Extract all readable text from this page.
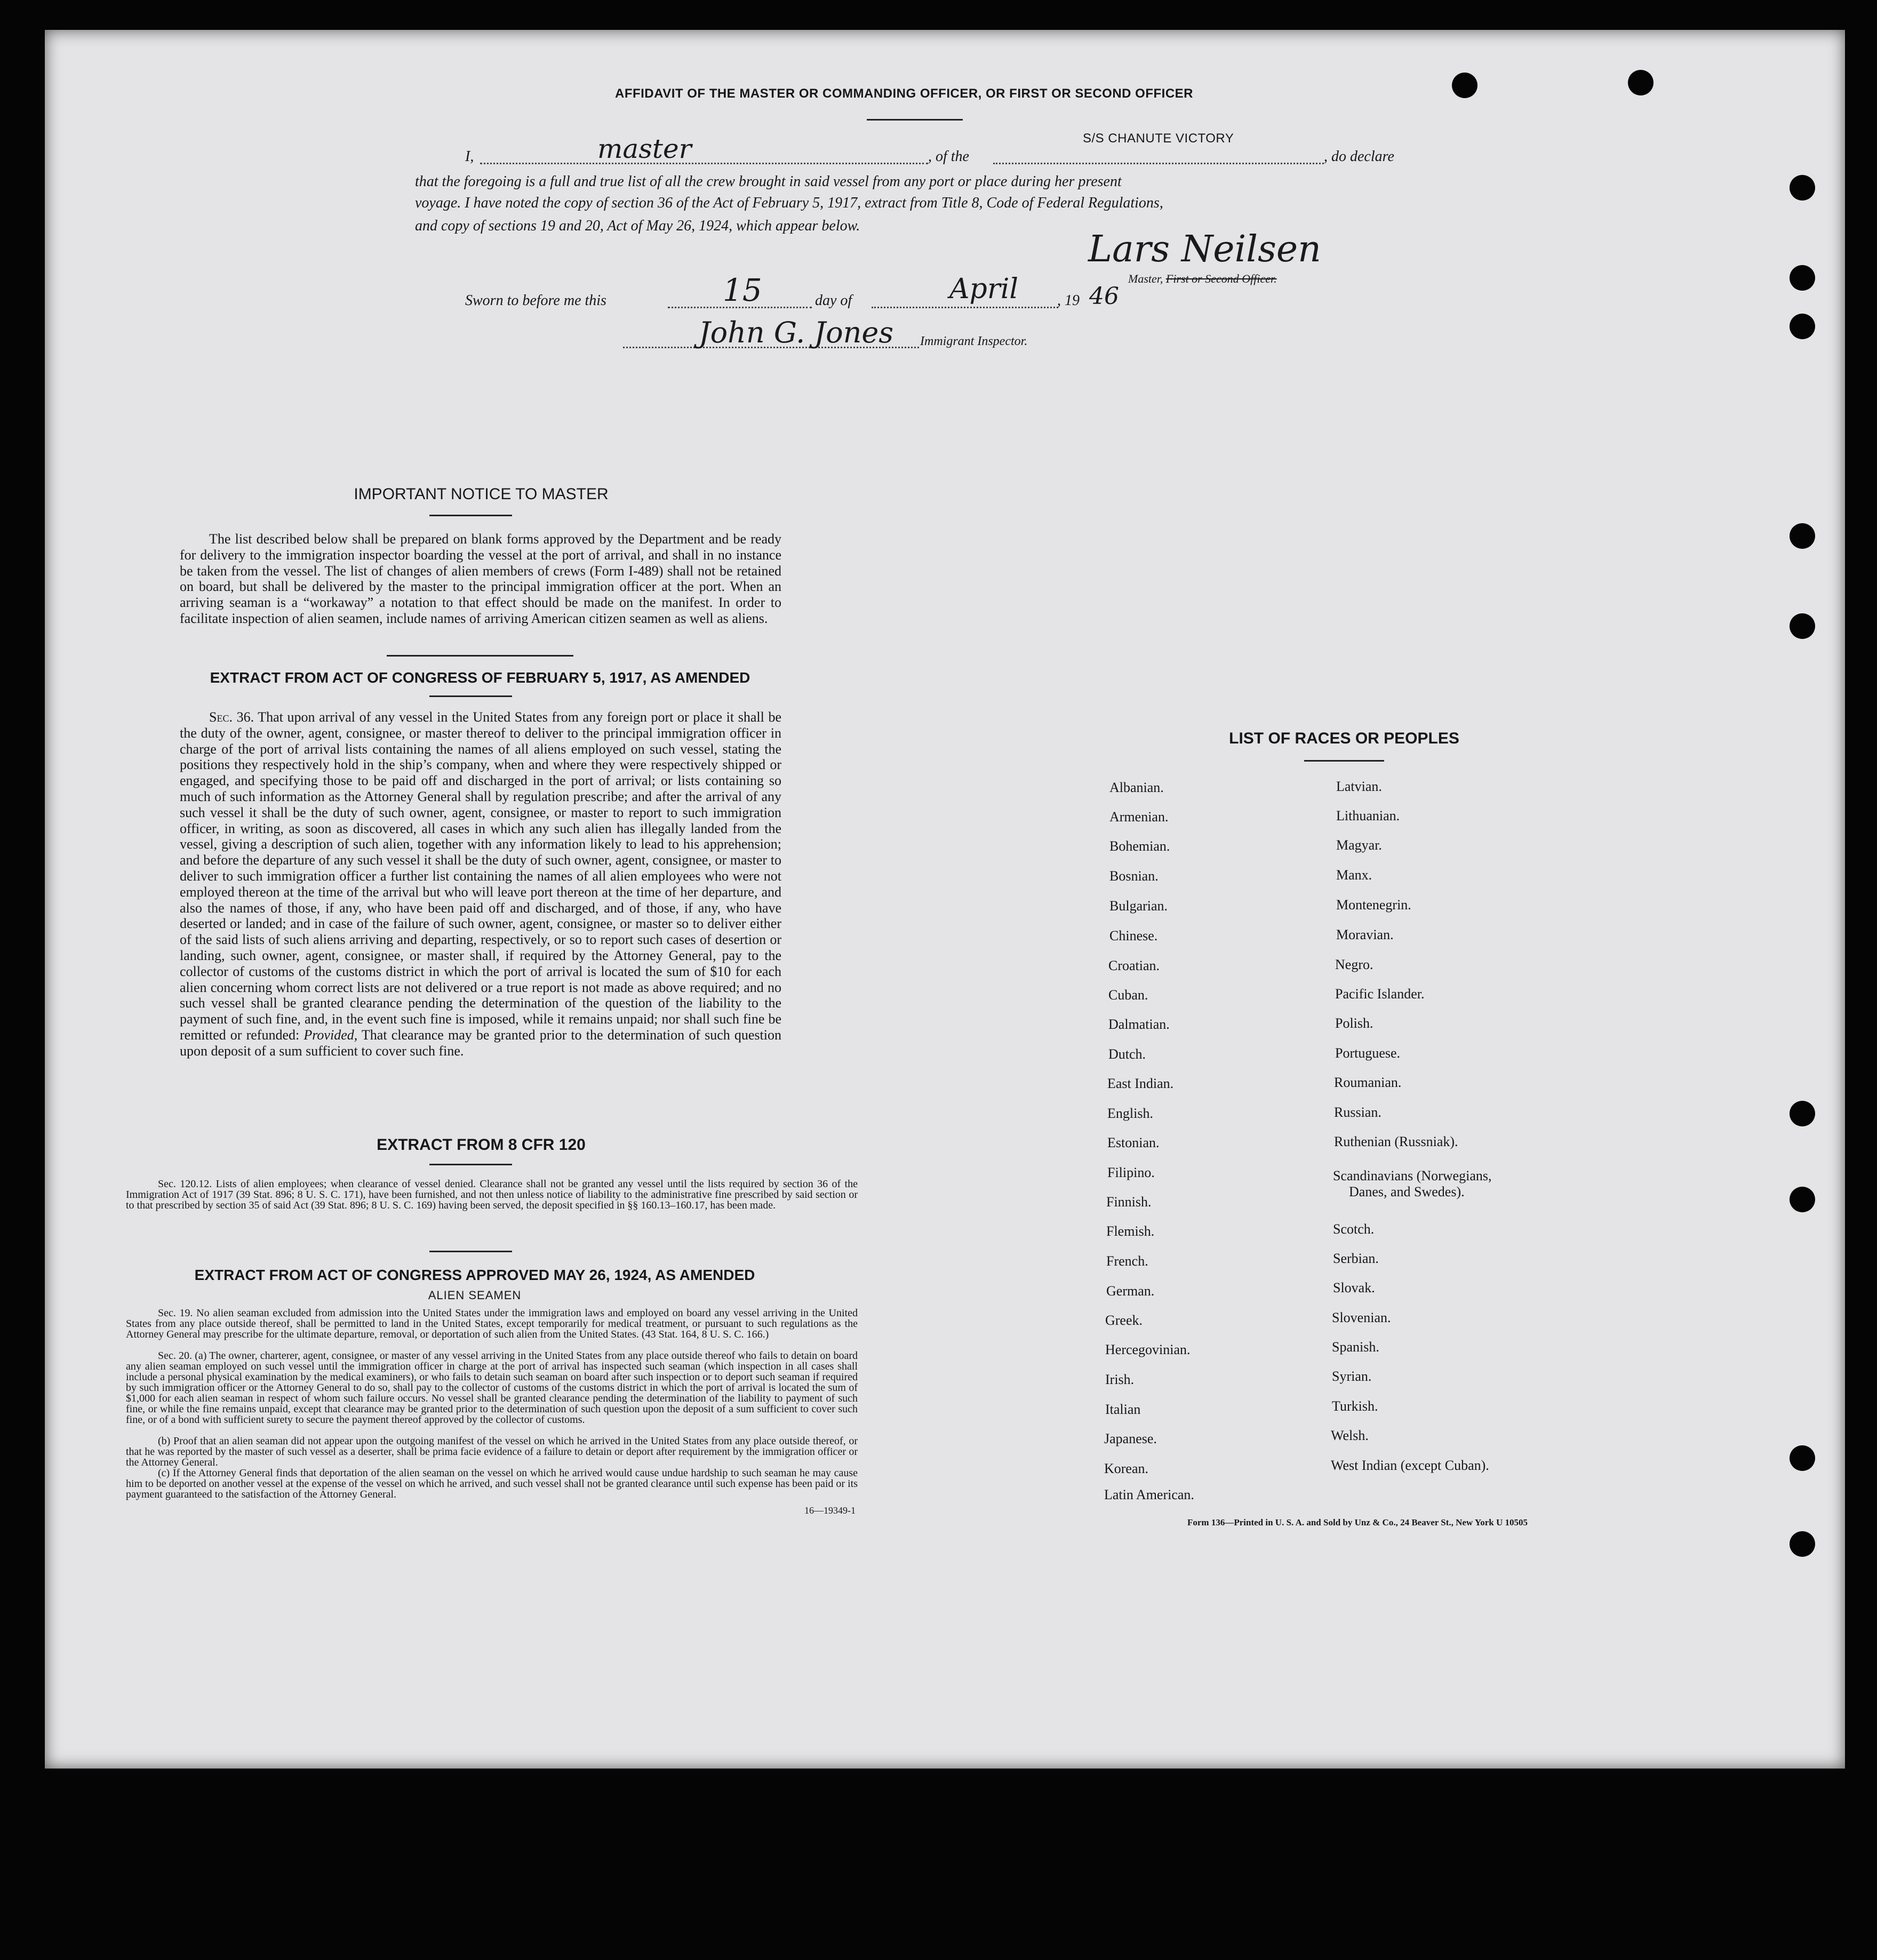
AFFIDAVIT OF THE MASTER OR COMMANDING OFFICER, OR FIRST OR SECOND OFFICER
I,	master	, of the
S/S CHANUTE VICTORY
, do declare
that the foregoing is a full and true list of all the crew brought in said vessel from any port or place during her present
voyage. I have noted the copy of section 36 of the Act of February 5, 1917, extract from Title 8, Code of Federal Regulations,
and copy of sections 19 and 20, Act of May 26, 1924, which appear below.
Lars Neilsen
Master, First or Second Officer.
Sworn to before me this	15	day of	April	, 19 46
John G. Jones Immigrant Inspector.
IMPORTANT NOTICE TO MASTER
The list described below shall be prepared on blank forms approved by the Department and be ready for delivery to the immigration inspector boarding the vessel at the port of arrival, and shall in no instance be taken from the vessel. The list of changes of alien members of crews (Form I-489) shall not be retained on board, but shall be delivered by the master to the principal immigration officer at the port. When an arriving seaman is a “workaway” a notation to that effect should be made on the manifest. In order to facilitate inspection of alien seamen, include names of arriving American citizen seamen as well as aliens.
EXTRACT FROM ACT OF CONGRESS OF FEBRUARY 5, 1917, AS AMENDED
Sec. 36. That upon arrival of any vessel in the United States from any foreign port or place it shall be the duty of the owner, agent, consignee, or master thereof to deliver to the principal immigration officer in charge of the port of arrival lists containing the names of all aliens employed on such vessel, stating the positions they respectively hold in the ship’s company, when and where they were respectively shipped or engaged, and specifying those to be paid off and discharged in the port of arrival; or lists containing so much of such information as the Attorney General shall by regulation prescribe; and after the arrival of any such vessel it shall be the duty of such owner, agent, consignee, or master to report to such immigration officer, in writing, as soon as discovered, all cases in which any such alien has illegally landed from the vessel, giving a description of such alien, together with any information likely to lead to his apprehension; and before the departure of any such vessel it shall be the duty of such owner, agent, consignee, or master to deliver to such immigration officer a further list containing the names of all alien employees who were not employed thereon at the time of the arrival but who will leave port thereon at the time of her departure, and also the names of those, if any, who have been paid off and discharged, and of those, if any, who have deserted or landed; and in case of the failure of such owner, agent, consignee, or master so to deliver either of the said lists of such aliens arriving and departing, respectively, or so to report such cases of desertion or landing, such owner, agent, consignee, or master shall, if required by the Attorney General, pay to the collector of customs of the customs district in which the port of arrival is located the sum of $10 for each alien concerning whom correct lists are not delivered or a true report is not made as above required; and no such vessel shall be granted clearance pending the determination of the question of the liability to the payment of such fine, and, in the event such fine is imposed, while it remains unpaid; nor shall such fine be remitted or refunded: Provided, That clearance may be granted prior to the determination of such question upon deposit of a sum sufficient to cover such fine.
EXTRACT FROM 8 CFR 120
Sec. 120.12. Lists of alien employees; when clearance of vessel denied. Clearance shall not be granted any vessel until the lists required by section 36 of the Immigration Act of 1917 (39 Stat. 896; 8 U. S. C. 171), have been furnished, and not then unless notice of liability to the administrative fine prescribed by said section or to that prescribed by section 35 of said Act (39 Stat. 896; 8 U. S. C. 169) having been served, the deposit specified in §§ 160.13–160.17, has been made.
EXTRACT FROM ACT OF CONGRESS APPROVED MAY 26, 1924, AS AMENDED
ALIEN SEAMEN
Sec. 19. No alien seaman excluded from admission into the United States under the immigration laws and employed on board any vessel arriving in the United States from any place outside thereof, shall be permitted to land in the United States, except temporarily for medical treatment, or pursuant to such regulations as the Attorney General may prescribe for the ultimate departure, removal, or deportation of such alien from the United States. (43 Stat. 164, 8 U. S. C. 166.)
Sec. 20. (a) The owner, charterer, agent, consignee, or master of any vessel arriving in the United States from any place outside thereof who fails to detain on board any alien seaman employed on such vessel until the immigration officer in charge at the port of arrival has inspected such seaman (which inspection in all cases shall include a personal physical examination by the medical examiners), or who fails to detain such seaman on board after such inspection or to deport such seaman if required by such immigration officer or the Attorney General to do so, shall pay to the collector of customs of the customs district in which the port of arrival is located the sum of $1,000 for each alien seaman in respect of whom such failure occurs. No vessel shall be granted clearance pending the determination of the liability to payment of such fine, or while the fine remains unpaid, except that clearance may be granted prior to the determination of such question upon the deposit of a sum sufficient to cover such fine, or of a bond with sufficient surety to secure the payment thereof approved by the collector of customs.
(b) Proof that an alien seaman did not appear upon the outgoing manifest of the vessel on which he arrived in the United States from any place outside thereof, or that he was reported by the master of such vessel as a deserter, shall be prima facie evidence of a failure to detain or deport after requirement by the immigration officer or the Attorney General.
(c) If the Attorney General finds that deportation of the alien seaman on the vessel on which he arrived would cause undue hardship to such seaman he may cause him to be deported on another vessel at the expense of the vessel on which he arrived, and such vessel shall not be granted clearance until such expense has been paid or its payment guaranteed to the satisfaction of the Attorney General.
16—19349-1
LIST OF RACES OR PEOPLES
Albanian.
Armenian.
Bohemian.
Bosnian.
Bulgarian.
Chinese.
Croatian.
Cuban.
Dalmatian.
Dutch.
East Indian.
English.
Estonian.
Filipino.
Finnish.
Flemish.
French.
German.
Greek.
Hercegovinian.
Irish.
Italian
Japanese.
Korean.
Latin American.
Latvian.
Lithuanian.
Magyar.
Manx.
Montenegrin.
Moravian.
Negro.
Pacific Islander.
Polish.
Portuguese.
Roumanian.
Russian.
Ruthenian (Russniak).
Scandinavians (Norwegians,
Danes, and Swedes).
Scotch.
Serbian.
Slovak.
Slovenian.
Spanish.
Syrian.
Turkish.
Welsh.
West Indian (except Cuban).
Form 136—Printed in U. S. A. and Sold by Unz & Co., 24 Beaver St., New York U 10505
